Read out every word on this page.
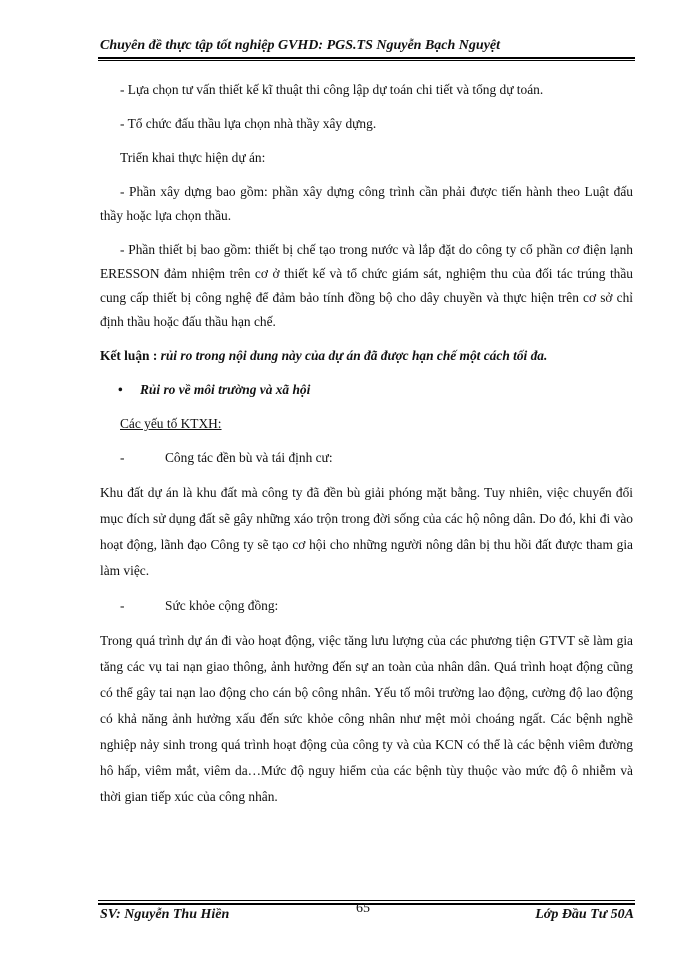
Chuyên đề thực tập tốt nghiệp GVHD: PGS.TS Nguyễn Bạch Nguyệt

- Lựa chọn tư vấn thiết kế kĩ thuật thi công lập dự toán chi tiết và tổng dự toán.

- Tổ chức đấu thầu lựa chọn nhà thầy xây dựng.

Triển khai thực hiện dự án:

- Phần xây dựng bao gồm: phần xây dựng công trình cần phải được tiến hành theo Luật đấu thầy hoặc lựa chọn thầu.

- Phần thiết bị bao gồm: thiết bị chế tạo trong nước và lắp đặt do công ty cổ phần cơ điện lạnh ERESSON đảm nhiệm trên cơ ở thiết kế và tổ chức giám sát, nghiệm thu của đối tác trúng thầu cung cấp thiết bị công nghệ để đảm bảo tính đồng bộ cho dây chuyền và thực hiện trên cơ sở chỉ định thầu hoặc đấu thầu hạn chế.

Kết luận : rủi ro trong nội dung này của dự án đã được hạn chế một cách tối đa.

• Rủi ro về môi trường và xã hội

Các yếu tố KTXH:

-	Công tác đền bù và tái định cư:

Khu đất dự án là khu đất mà công ty đã đền bù giải phóng mặt bằng. Tuy nhiên, việc chuyển đổi mục đích sử dụng đất sẽ gây những xáo trộn trong đời sống của các hộ nông dân. Do đó, khi đi vào hoạt động, lãnh đạo Công ty sẽ tạo cơ hội cho những người nông dân bị thu hồi đất được tham gia làm việc.

-	Sức khỏe cộng đồng:

Trong quá trình dự án đi vào hoạt động, việc tăng lưu lượng của các phương tiện GTVT sẽ làm gia tăng các vụ tai nạn giao thông, ảnh hưởng đến sự an toàn của nhân dân. Quá trình hoạt động cũng có thể gây tai nạn lao động cho cán bộ công nhân. Yếu tố môi trường lao động, cường độ lao động có khả năng ảnh hưởng xấu đến sức khỏe công nhân như mệt mỏi choáng ngất. Các bệnh nghề nghiệp nảy sinh trong quá trình hoạt động của công ty và của KCN có thể là các bệnh viêm đường hô hấp, viêm mắt, viêm da…Mức độ nguy hiểm của các bệnh tùy thuộc vào mức độ ô nhiễm và thời gian tiếp xúc của công nhân.

SV: Nguyễn Thu Hiền	65	Lớp Đầu Tư 50A
